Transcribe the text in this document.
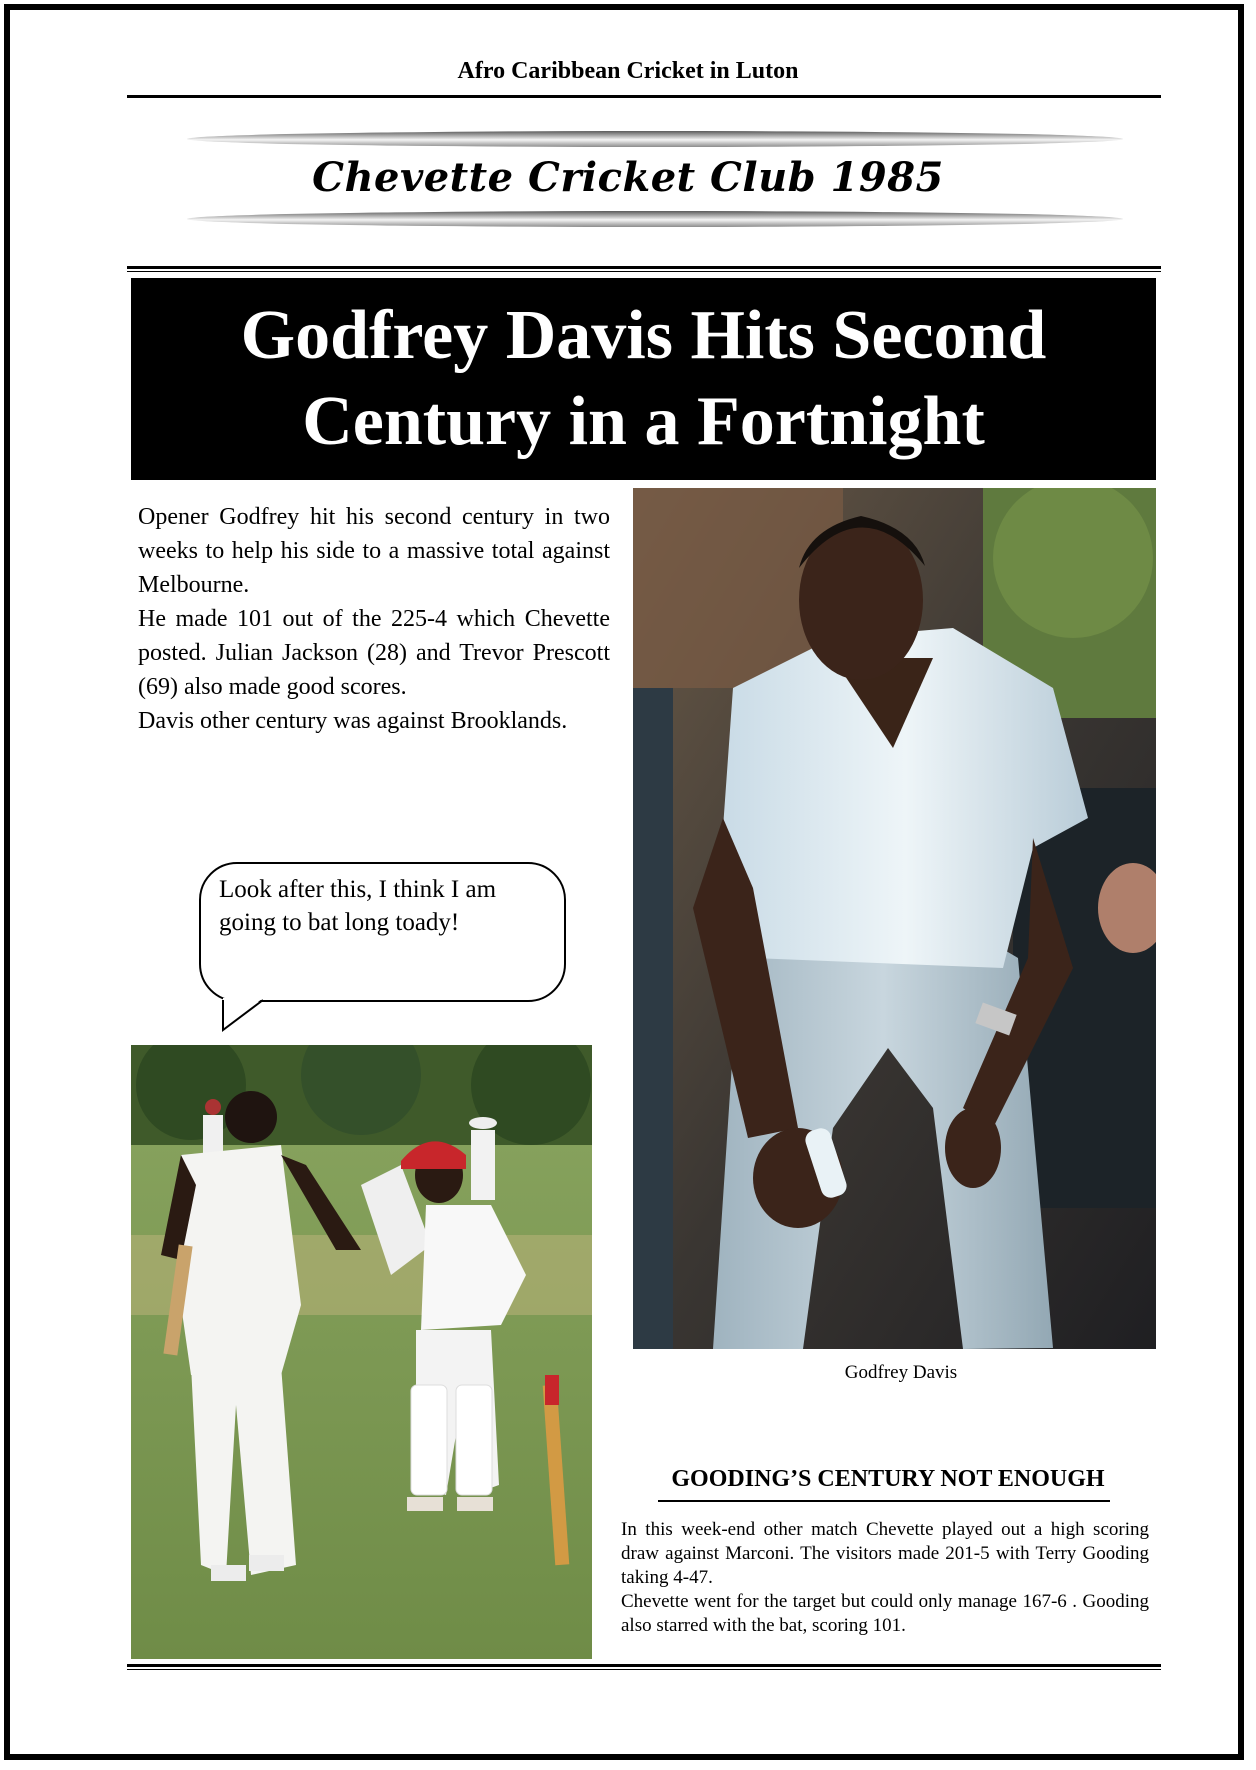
Afro Caribbean Cricket in Luton
Chevette Cricket Club 1985
Godfrey Davis Hits Second Century in a Fortnight

Opener Godfrey hit his second century in two weeks to help his side to a massive total against Melbourne.

He made 101 out of the 225-4 which Chevette posted. Julian Jackson (28) and Trevor Prescott (69) also made good scores.

Davis other century was against Brooklands.

Look after this, I think I am going to bat long toady!
Godfrey Davis
GOODING’S CENTURY NOT ENOUGH

In this week-end other match Chevette played out a high scoring draw against Marconi. The visitors made 201-5 with Terry Gooding taking 4-47.

Chevette went for the target but could only manage 167-6 . Gooding also starred with the bat, scoring 101.
